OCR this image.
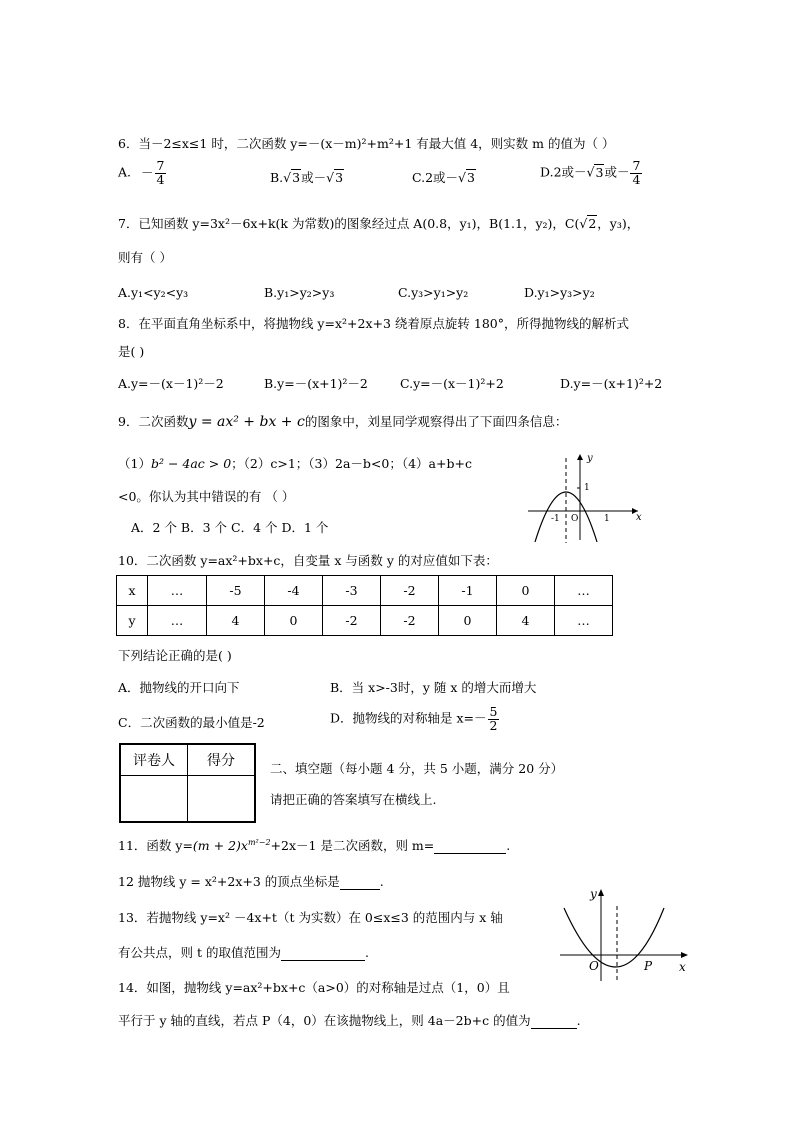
6．当－2≤x≤1 时，二次函数 y=－(x－m)²+m²+1 有最大值 4，则实数 m 的值为（ ）
A. － $\frac{7}{4}$	B.√3或－√3	C.2或－√3	D.2或－√3或－ $\frac{7}{4}$
7．已知函数 y=3x²－6x+k(k 为常数)的图象经过点 A(0.8，y₁)，B(1.1，y₂)，C(√2，y₃)，
则有（ ）
A.y₁<y₂<y₃	B.y₁>y₂>y₃	C.y₃>y₁>y₂	D.y₁>y₃>y₂
8．在平面直角坐标系中，将抛物线 y=x²+2x+3 绕着原点旋转 180°，所得抛物线的解析式
是( )
A.y=－(x－1)²－2	B.y=－(x+1)²－2	C.y=－(x－1)²+2	D.y=－(x+1)²+2
9．二次函数y = ax² + bx + c的图象中，刘星同学观察得出了下面四条信息：
（1）b² − 4ac > 0；（2）c>1；（3）2a－b<0；（4）a+b+c
<0。你认为其中错误的有 （ ）
A．2 个 B．3 个 C．4 个 D．1 个
y
x
1
-1 O	1
10．二次函数 y=ax²+bx+c，自变量 x 与函数 y 的对应值如下表：
x	…	-5	-4	-3	-2	-1	0	…
y	…	4	0	-2	-2	0	4	…
下列结论正确的是( )
A．抛物线的开口向下	B．当 x>-3时，y 随 x 的增大而增大
C．二次函数的最小值是-2	D．抛物线的对称轴是 $x=- \frac{5}{2}$
评卷人	得分
		二、填空题（每小题 4 分，共 5 小题，满分 20 分）
请把正确的答案填写在横线上.
11．函数 $y=(m + 2)x^{m^2-2}+2x-1$ 是二次函数，则 m=	.
12 抛物线 y = x²+2x+3 的顶点坐标是	.
13．若抛物线 y=x² －4x+t（t 为实数）在 0≤x≤3 的范围内与 x 轴
有公共点，则 t 的取值范围为	.
y
x
O	P
14．如图，抛物线 y=ax²+bx+c（a>0）的对称轴是过点（1，0）且
平行于 y 轴的直线，若点 P（4，0）在该抛物线上，则 4a－2b+c 的值为	.
